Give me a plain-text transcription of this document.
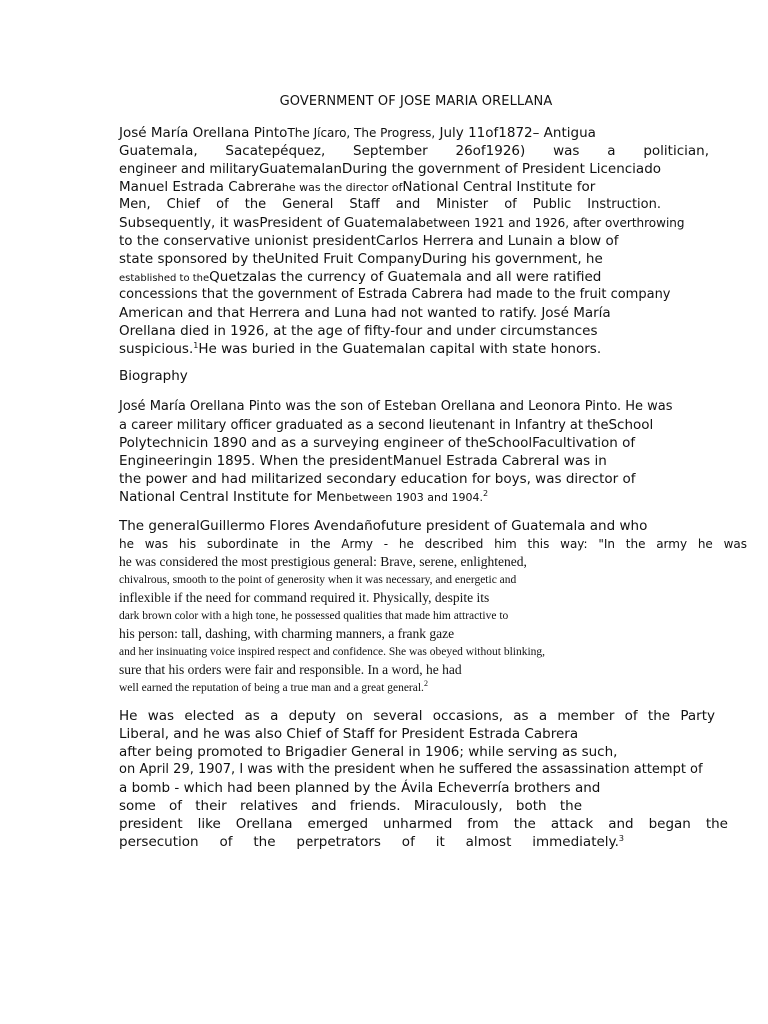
GOVERNMENT OF JOSE MARIA ORELLANA
José María Orellana PintoThe Jícaro, The Progress, July 11of1872– Antigua
Guatemala, Sacatepéquez, September 26of1926) was a politician,
engineer and militaryGuatemalanDuring the government of President Licenciado
Manuel Estrada Cabrerahe was the director ofNational Central Institute for
Men, Chief of the General Staff and Minister of Public Instruction.
Subsequently, it wasPresident of Guatemalabetween 1921 and 1926, after overthrowing
to the conservative unionist presidentCarlos Herrera and Lunain a blow of
state sponsored by theUnited Fruit CompanyDuring his government, he
established to theQuetzalas the currency of Guatemala and all were ratified
concessions that the government of Estrada Cabrera had made to the fruit company
American and that Herrera and Luna had not wanted to ratify. José María
Orellana died in 1926, at the age of fifty-four and under circumstances
suspicious.$^1$He was buried in the Guatemalan capital with state honors.
Biography
José María Orellana Pinto was the son of Esteban Orellana and Leonora Pinto. He was
a career military officer graduated as a second lieutenant in Infantry at theSchool
Polytechnicin 1890 and as a surveying engineer of theSchoolFacultivation of
Engineeringin 1895. When the presidentManuel Estrada CabreraI was in
the power and had militarized secondary education for boys, was director of
National Central Institute for Menbetween 1903 and 1904.$^2$
The generalGuillermo Flores Avendañofuture president of Guatemala and who
he was his subordinate in the Army - he described him this way: "In the army he was
he was considered the most prestigious general: Brave, serene, enlightened,
chivalrous, smooth to the point of generosity when it was necessary, and energetic and
inflexible if the need for command required it. Physically, despite its
dark brown color with a high tone, he possessed qualities that made him attractive to
his person: tall, dashing, with charming manners, a frank gaze
and her insinuating voice inspired respect and confidence. She was obeyed without blinking,
sure that his orders were fair and responsible. In a word, he had
well earned the reputation of being a true man and a great general.$^2$
He was elected as a deputy on several occasions, as a member of the Party
Liberal, and he was also Chief of Staff for President Estrada Cabrera
after being promoted to Brigadier General in 1906; while serving as such,
on April 29, 1907, I was with the president when he suffered the assassination attempt of
a bomb - which had been planned by the Ávila Echeverría brothers and
some of their relatives and friends. Miraculously, both the
president like Orellana emerged unharmed from the attack and began the
persecution of the perpetrators of it almost immediately.$^3$
